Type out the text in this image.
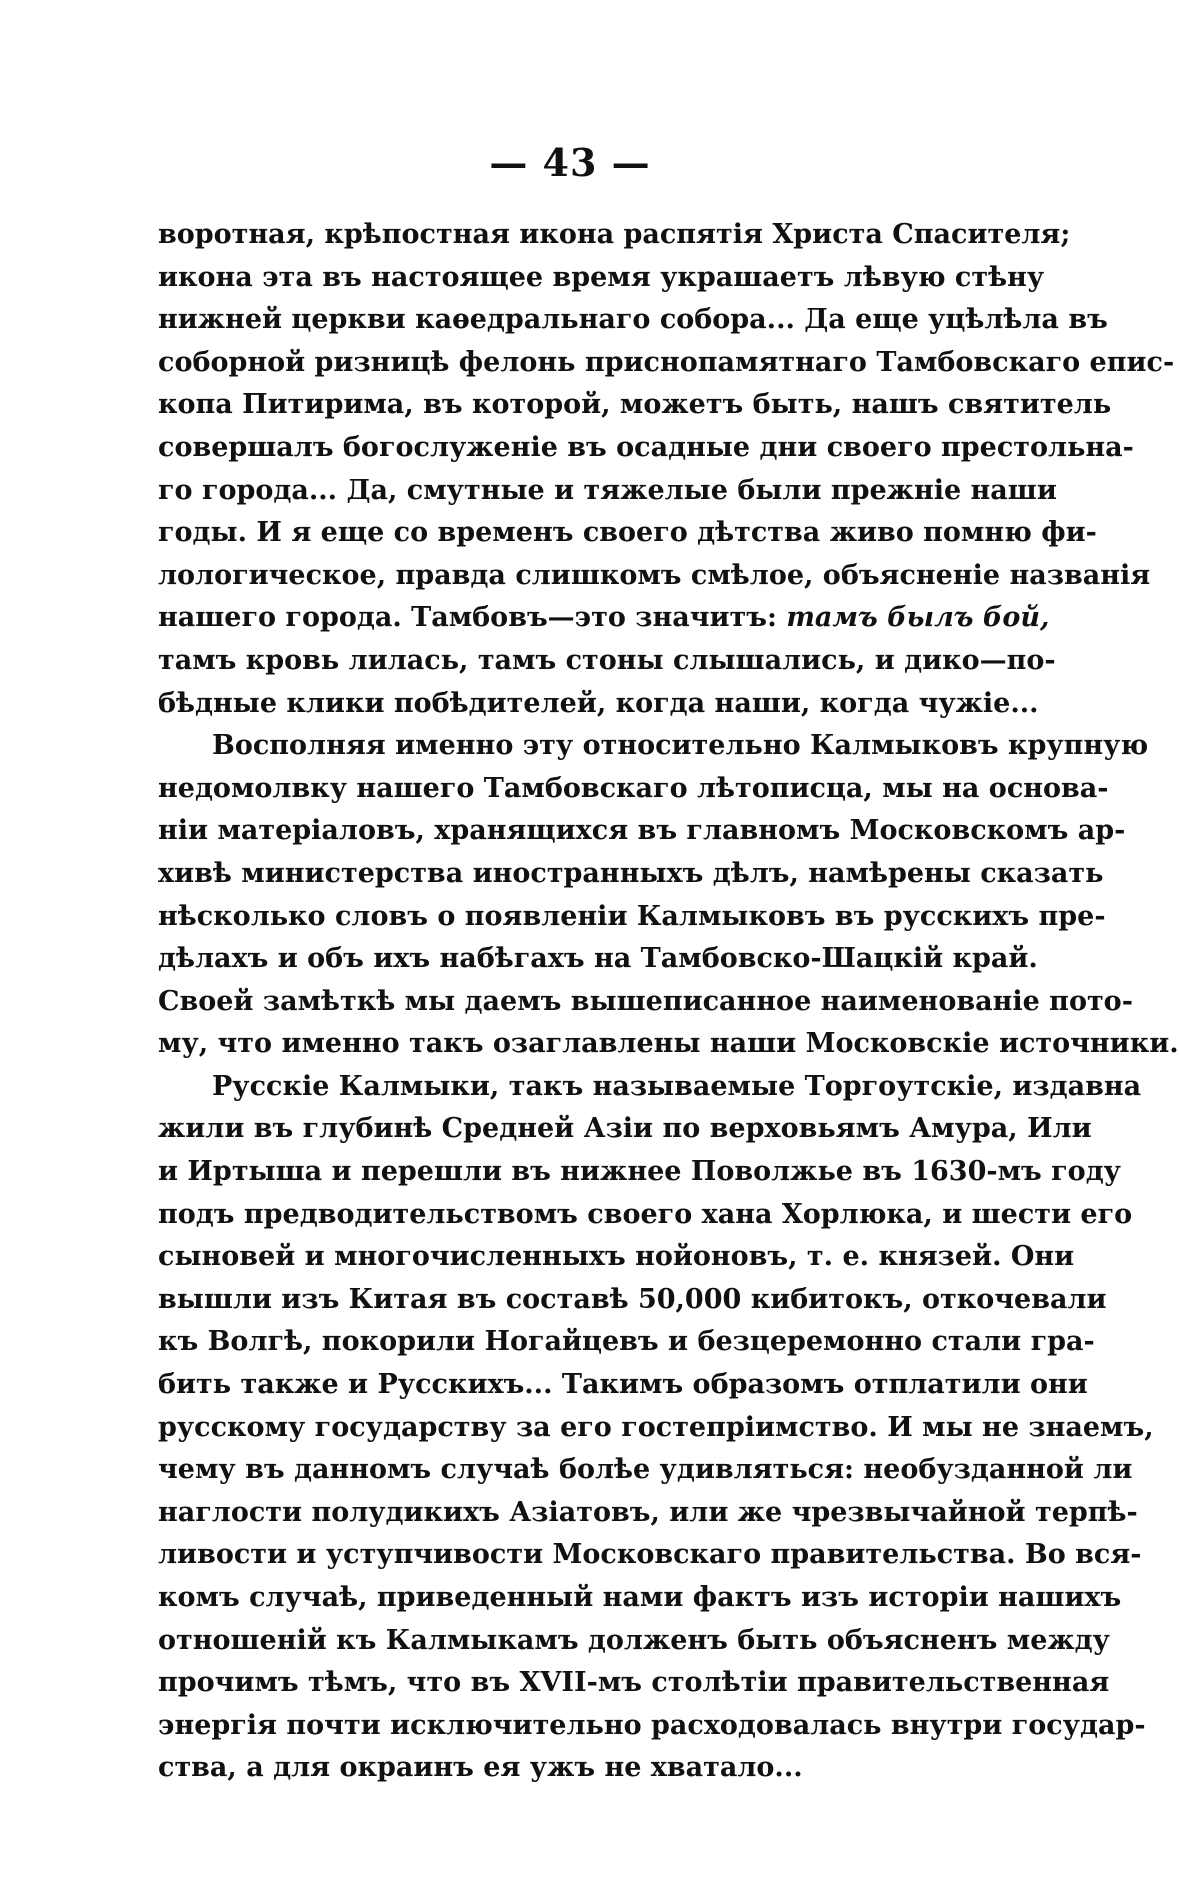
— 43 —
воротная, крѣпостная икона распятія Христа Спасителя;
икона эта въ настоящее время украшаетъ лѣвую стѣну
нижней церкви каѳедральнаго собора... Да еще уцѣлѣла въ
соборной ризницѣ фелонь приснопамятнаго Тамбовскаго епис-
копа Питирима, въ которой, можетъ быть, нашъ святитель
совершалъ богослуженіе въ осадные дни своего престольна-
го города... Да, смутные и тяжелые были прежніе наши
годы. И я еще со временъ своего дѣтства живо помню фи-
лологическое, правда слишкомъ смѣлое, объясненіе названія
нашего города. Тамбовъ—это значитъ: тамъ былъ бой,
тамъ кровь лилась, тамъ стоны слышались, и дико—по-
бѣдные клики побѣдителей, когда наши, когда чужіе...
Восполняя именно эту относительно Калмыковъ крупную
недомолвку нашего Тамбовскаго лѣтописца, мы на основа-
ніи матеріаловъ, хранящихся въ главномъ Московскомъ ар-
хивѣ министерства иностранныхъ дѣлъ, намѣрены сказать
нѣсколько словъ о появленіи Калмыковъ въ русскихъ пре-
дѣлахъ и объ ихъ набѣгахъ на Тамбовско-Шацкій край.
Своей замѣткѣ мы даемъ вышеписанное наименованіе пото-
му, что именно такъ озаглавлены наши Московскіе источники.
Русскіе Калмыки, такъ называемые Торгоутскіе, издавна
жили въ глубинѣ Средней Азіи по верховьямъ Амура, Или
и Иртыша и перешли въ нижнее Поволжье въ 1630-мъ году
подъ предводительствомъ своего хана Хорлюка, и шести его
сыновей и многочисленныхъ нойоновъ, т. е. князей. Они
вышли изъ Китая въ составѣ 50,000 кибитокъ, откочевали
къ Волгѣ, покорили Ногайцевъ и безцеремонно стали гра-
бить также и Русскихъ... Такимъ образомъ отплатили они
русскому государству за его гостепріимство. И мы не знаемъ,
чему въ данномъ случаѣ болѣе удивляться: необузданной ли
наглости полудикихъ Азіатовъ, или же чрезвычайной терпѣ-
ливости и уступчивости Московскаго правительства. Во вся-
комъ случаѣ, приведенный нами фактъ изъ исторіи нашихъ
отношеній къ Калмыкамъ долженъ быть объясненъ между
прочимъ тѣмъ, что въ XVII-мъ столѣтіи правительственная
энергія почти исключительно расходовалась внутри государ-
ства, а для окраинъ ея ужъ не хватало...
